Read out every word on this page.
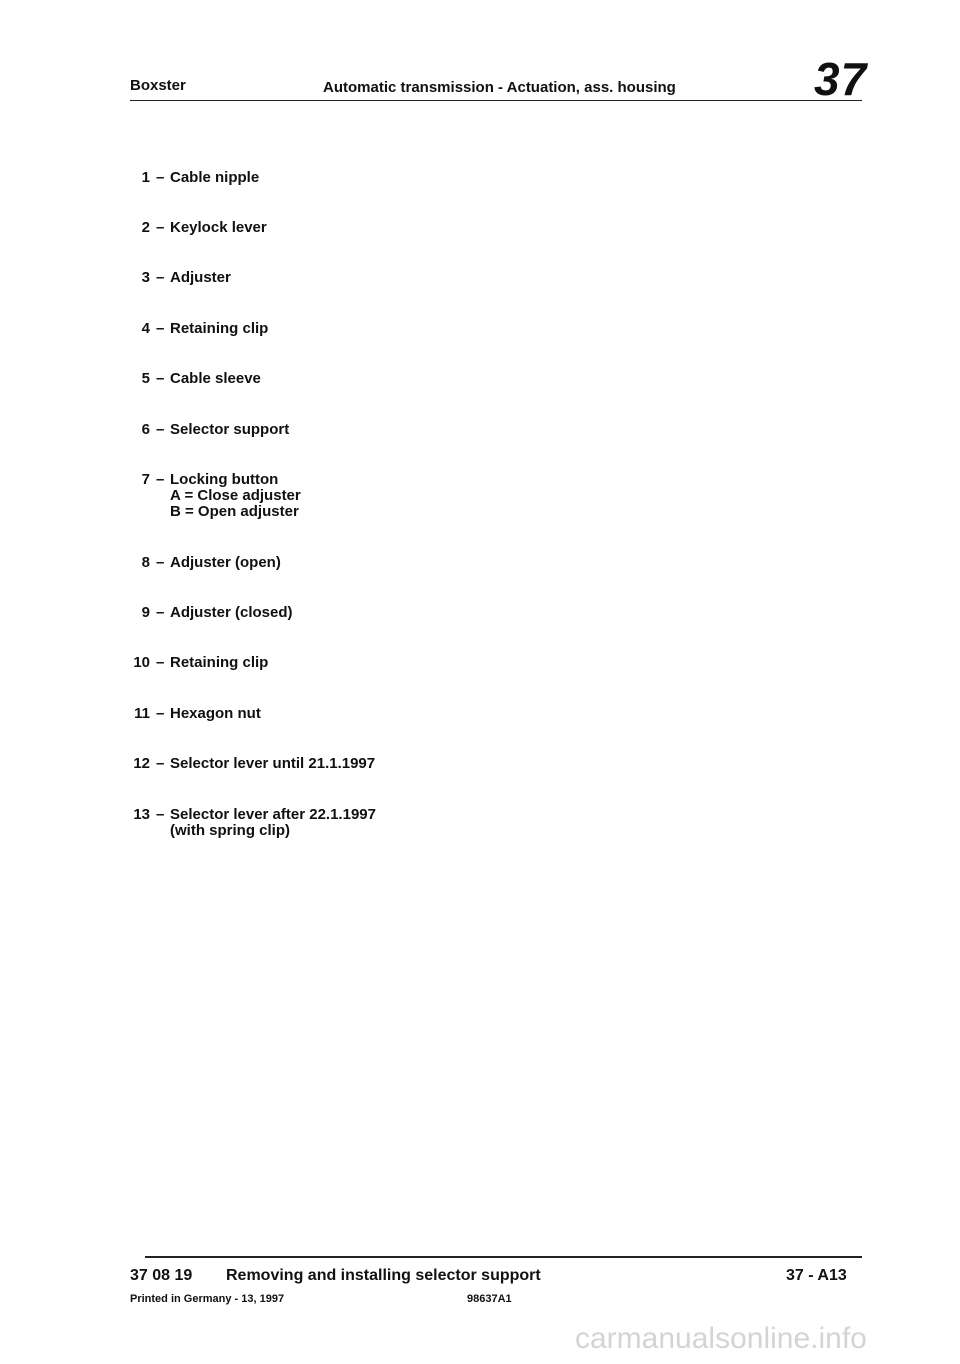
Boxster	Automatic transmission - Actuation, ass. housing	37
1 – Cable nipple
2 – Keylock lever
3 – Adjuster
4 – Retaining clip
5 – Cable sleeve
6 – Selector support
7 – Locking button
A = Close adjuster
B = Open adjuster
8 – Adjuster (open)
9 – Adjuster (closed)
10 – Retaining clip
11 – Hexagon nut
12 – Selector lever until 21.1.1997
13 – Selector lever after 22.1.1997
(with spring clip)
37 08 19 Removing and installing selector support	37 - A13
Printed in Germany - 13, 1997	98637A1
carmanualsonline.info
